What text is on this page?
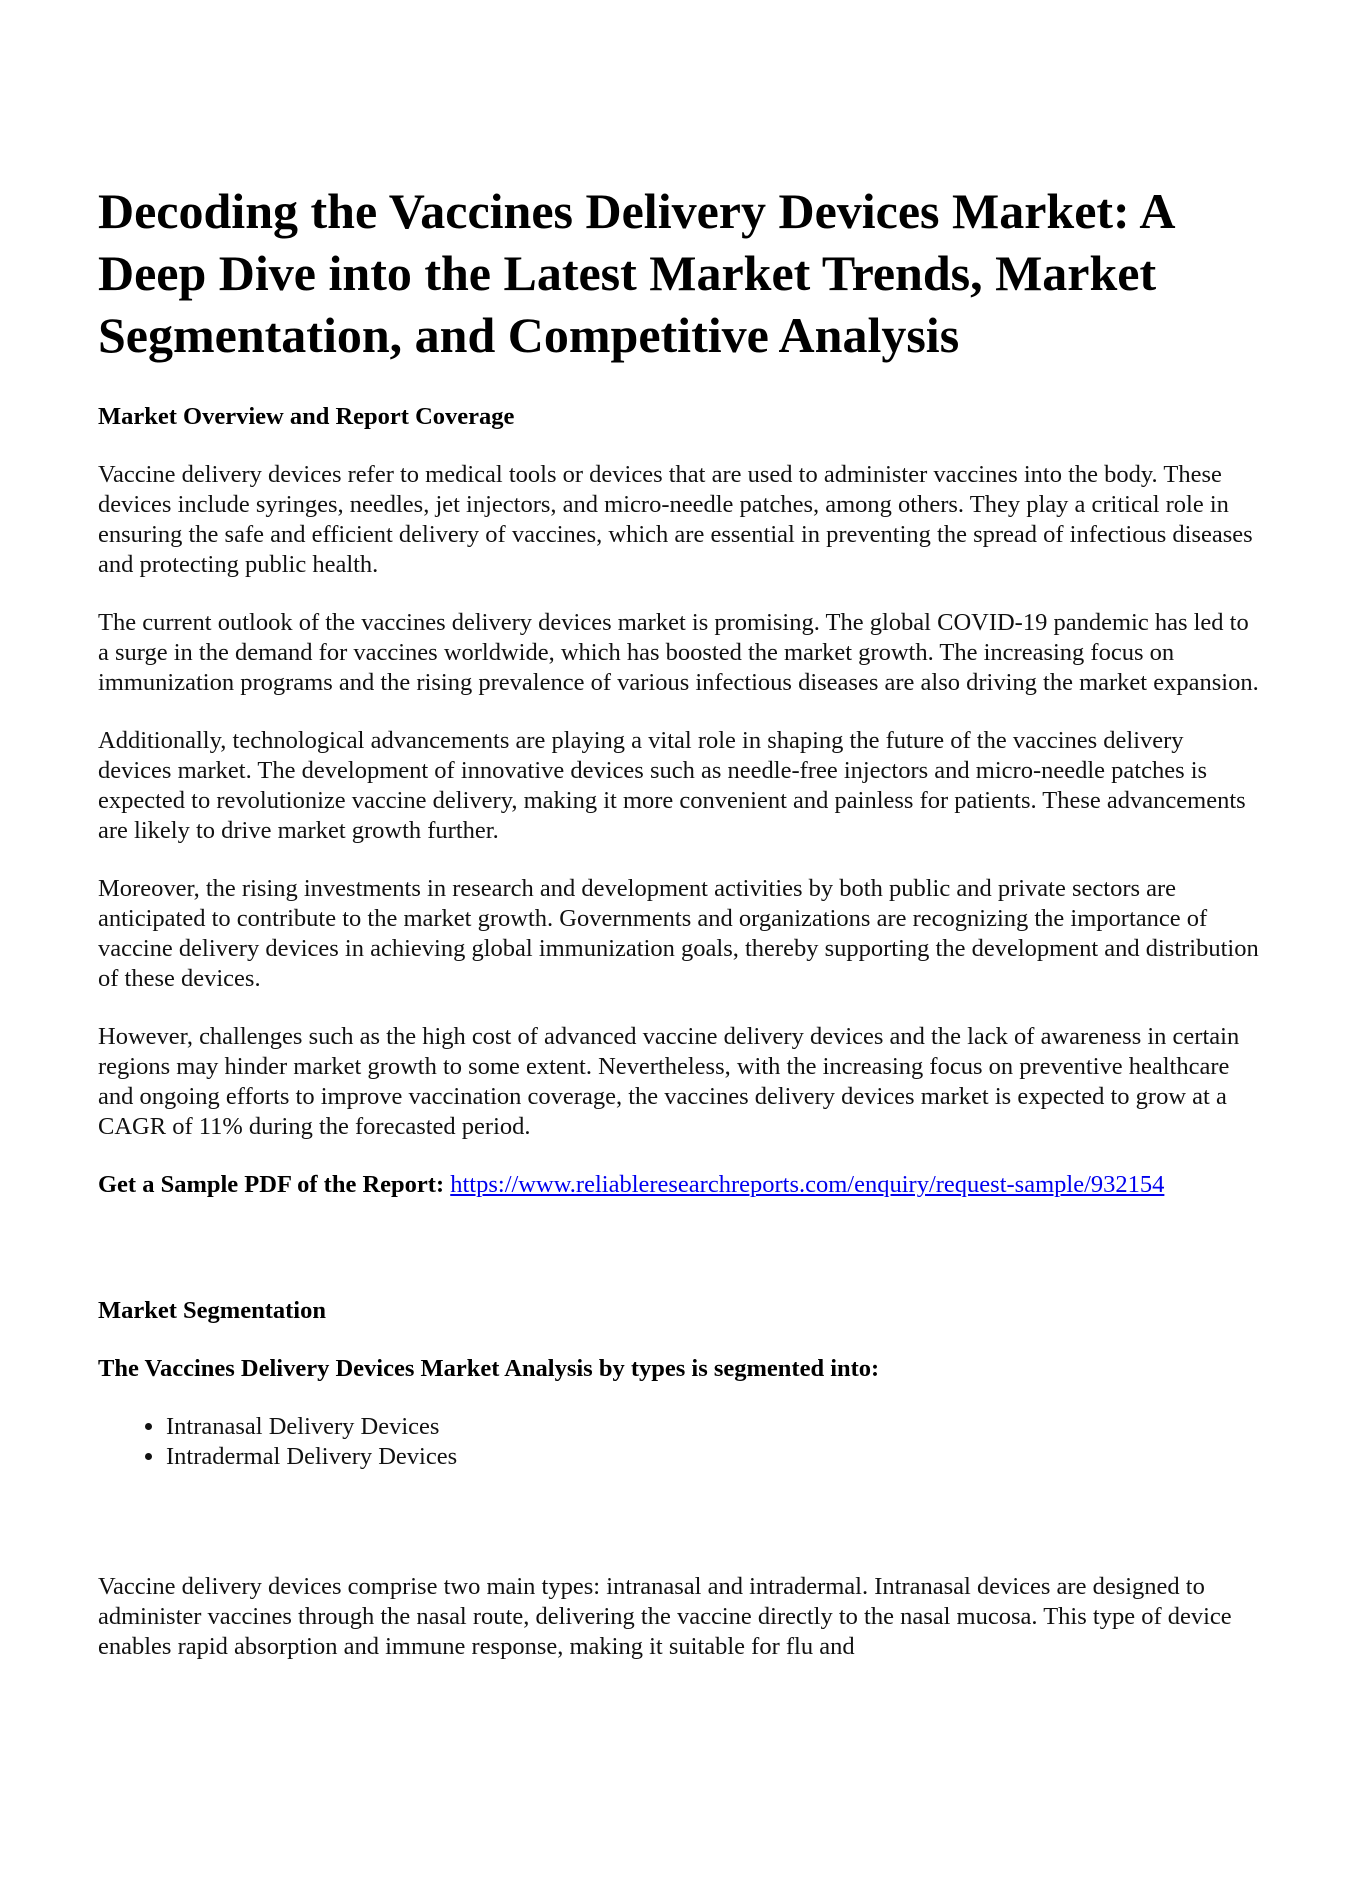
Decoding the Vaccines Delivery Devices Market: A Deep Dive into the Latest Market Trends, Market Segmentation, and Competitive Analysis
Market Overview and Report Coverage

Vaccine delivery devices refer to medical tools or devices that are used to administer vaccines into the body. These devices include syringes, needles, jet injectors, and micro-needle patches, among others. They play a critical role in ensuring the safe and efficient delivery of vaccines, which are essential in preventing the spread of infectious diseases and protecting public health.

The current outlook of the vaccines delivery devices market is promising. The global COVID-19 pandemic has led to a surge in the demand for vaccines worldwide, which has boosted the market growth. The increasing focus on immunization programs and the rising prevalence of various infectious diseases are also driving the market expansion.

Additionally, technological advancements are playing a vital role in shaping the future of the vaccines delivery devices market. The development of innovative devices such as needle-free injectors and micro-needle patches is expected to revolutionize vaccine delivery, making it more convenient and painless for patients. These advancements are likely to drive market growth further.

Moreover, the rising investments in research and development activities by both public and private sectors are anticipated to contribute to the market growth. Governments and organizations are recognizing the importance of vaccine delivery devices in achieving global immunization goals, thereby supporting the development and distribution of these devices.

However, challenges such as the high cost of advanced vaccine delivery devices and the lack of awareness in certain regions may hinder market growth to some extent. Nevertheless, with the increasing focus on preventive healthcare and ongoing efforts to improve vaccination coverage, the vaccines delivery devices market is expected to grow at a CAGR of 11% during the forecasted period.

Get a Sample PDF of the Report: https://www.reliableresearchreports.com/enquiry/request-sample/932154

Market Segmentation
The Vaccines Delivery Devices Market Analysis by types is segmented into:
• Intranasal Delivery Devices
• Intradermal Delivery Devices

Vaccine delivery devices comprise two main types: intranasal and intradermal. Intranasal devices are designed to administer vaccines through the nasal route, delivering the vaccine directly to the nasal mucosa. This type of device enables rapid absorption and immune response, making it suitable for flu and
